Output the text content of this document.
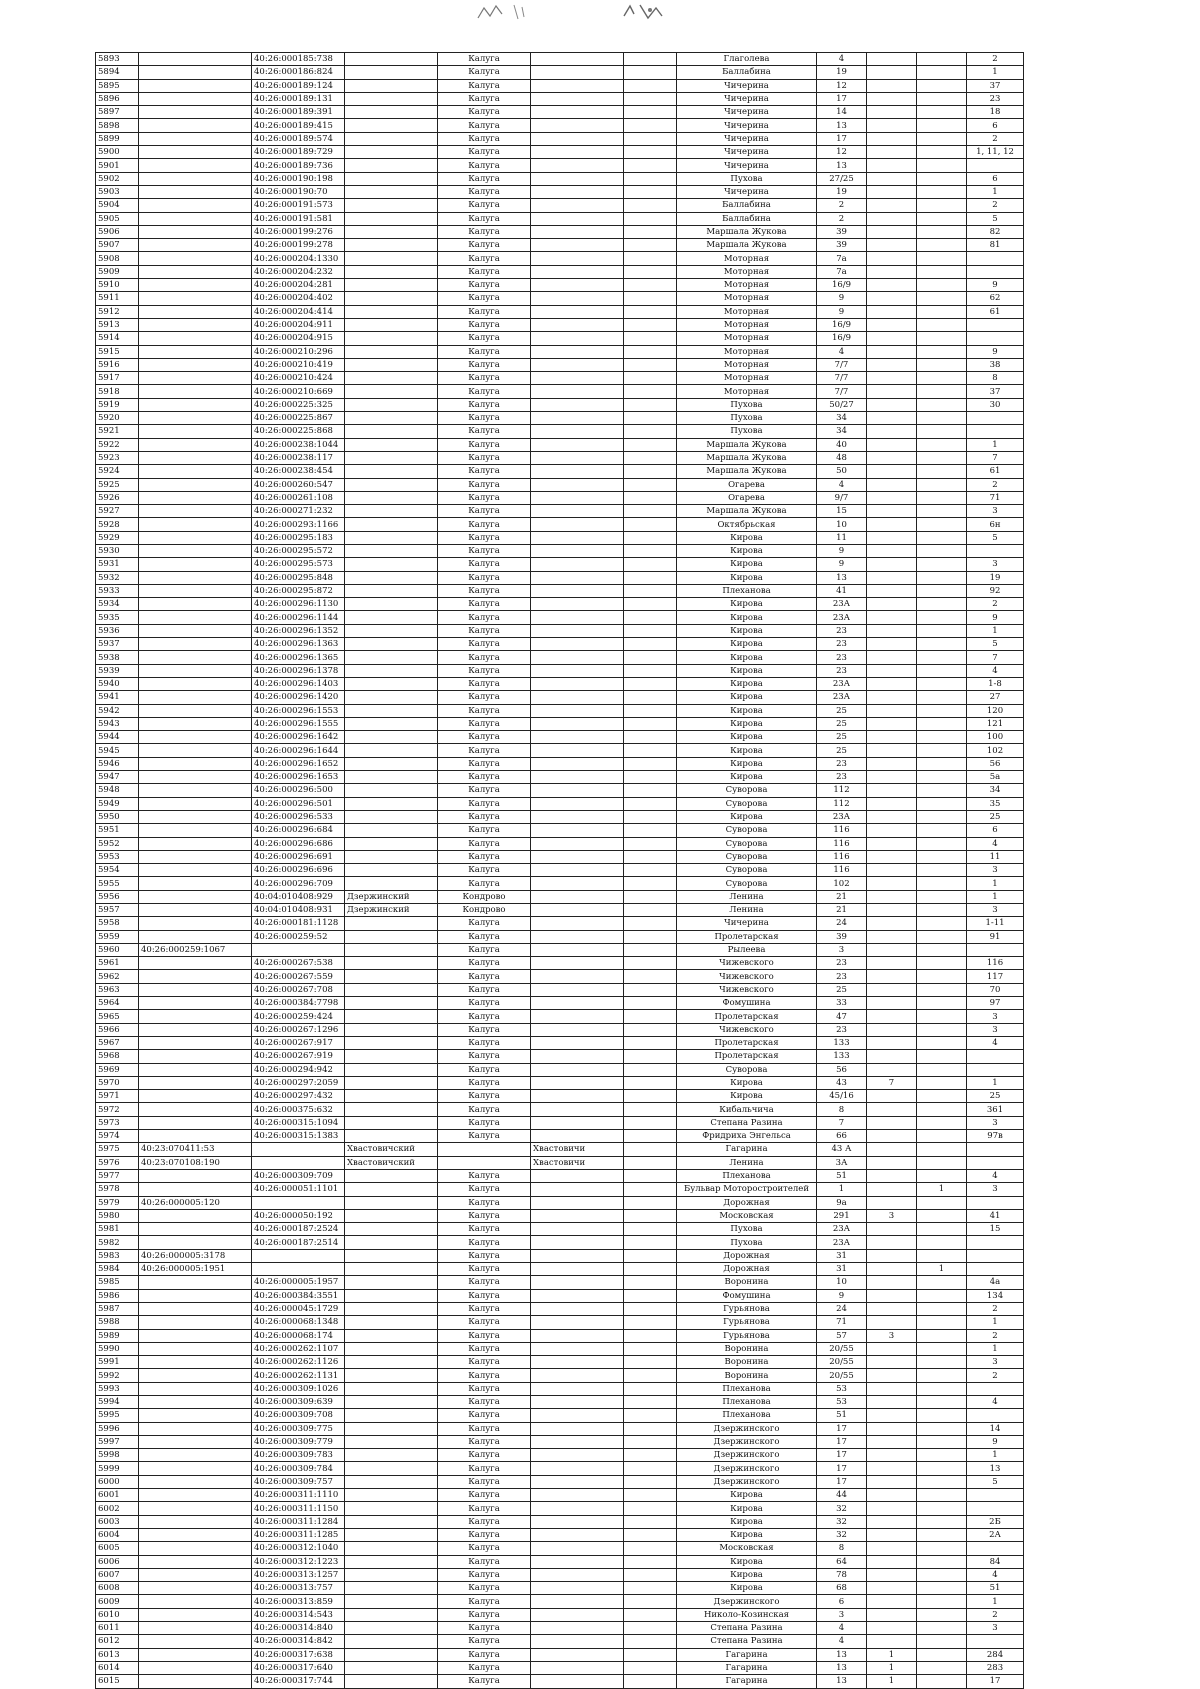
5893		40:26:000185:738		Калуга			Глаголева	4			2
5894		40:26:000186:824		Калуга			Баллабина	19			1
5895		40:26:000189:124		Калуга			Чичерина	12			37
5896		40:26:000189:131		Калуга			Чичерина	17			23
5897		40:26:000189:391		Калуга			Чичерина	14			18
5898		40:26:000189:415		Калуга			Чичерина	13			6
5899		40:26:000189:574		Калуга			Чичерина	17			2
5900		40:26:000189:729		Калуга			Чичерина	12			1, 11, 12
5901		40:26:000189:736		Калуга			Чичерина	13			
5902		40:26:000190:198		Калуга			Пухова	27/25			6
5903		40:26:000190:70		Калуга			Чичерина	19			1
5904		40:26:000191:573		Калуга			Баллабина	2			2
5905		40:26:000191:581		Калуга			Баллабина	2			5
5906		40:26:000199:276		Калуга			Маршала Жукова	39			82
5907		40:26:000199:278		Калуга			Маршала Жукова	39			81
5908		40:26:000204:1330		Калуга			Моторная	7а			
5909		40:26:000204:232		Калуга			Моторная	7а			
5910		40:26:000204:281		Калуга			Моторная	16/9			9
5911		40:26:000204:402		Калуга			Моторная	9			62
5912		40:26:000204:414		Калуга			Моторная	9			61
5913		40:26:000204:911		Калуга			Моторная	16/9			
5914		40:26:000204:915		Калуга			Моторная	16/9			
5915		40:26:000210:296		Калуга			Моторная	4			9
5916		40:26:000210:419		Калуга			Моторная	7/7			38
5917		40:26:000210:424		Калуга			Моторная	7/7			8
5918		40:26:000210:669		Калуга			Моторная	7/7			37
5919		40:26:000225:325		Калуга			Пухова	50/27			30
5920		40:26:000225:867		Калуга			Пухова	34			
5921		40:26:000225:868		Калуга			Пухова	34			
5922		40:26:000238:1044		Калуга			Маршала Жукова	40			1
5923		40:26:000238:117		Калуга			Маршала Жукова	48			7
5924		40:26:000238:454		Калуга			Маршала Жукова	50			61
5925		40:26:000260:547		Калуга			Огарева	4			2
5926		40:26:000261:108		Калуга			Огарева	9/7			71
5927		40:26:000271:232		Калуга			Маршала Жукова	15			3
5928		40:26:000293:1166		Калуга			Октябрьская	10			6н
5929		40:26:000295:183		Калуга			Кирова	11			5
5930		40:26:000295:572		Калуга			Кирова	9			
5931		40:26:000295:573		Калуга			Кирова	9			3
5932		40:26:000295:848		Калуга			Кирова	13			19
5933		40:26:000295:872		Калуга			Плеханова	41			92
5934		40:26:000296:1130		Калуга			Кирова	23А			2
5935		40:26:000296:1144		Калуга			Кирова	23А			9
5936		40:26:000296:1352		Калуга			Кирова	23			1
5937		40:26:000296:1363		Калуга			Кирова	23			5
5938		40:26:000296:1365		Калуга			Кирова	23			7
5939		40:26:000296:1378		Калуга			Кирова	23			4
5940		40:26:000296:1403		Калуга			Кирова	23А			1-8
5941		40:26:000296:1420		Калуга			Кирова	23А			27
5942		40:26:000296:1553		Калуга			Кирова	25			120
5943		40:26:000296:1555		Калуга			Кирова	25			121
5944		40:26:000296:1642		Калуга			Кирова	25			100
5945		40:26:000296:1644		Калуга			Кирова	25			102
5946		40:26:000296:1652		Калуга			Кирова	23			56
5947		40:26:000296:1653		Калуга			Кирова	23			5а
5948		40:26:000296:500		Калуга			Суворова	112			34
5949		40:26:000296:501		Калуга			Суворова	112			35
5950		40:26:000296:533		Калуга			Кирова	23А			25
5951		40:26:000296:684		Калуга			Суворова	116			6
5952		40:26:000296:686		Калуга			Суворова	116			4
5953		40:26:000296:691		Калуга			Суворова	116			11
5954		40:26:000296:696		Калуга			Суворова	116			3
5955		40:26:000296:709		Калуга			Суворова	102			1
5956		40:04:010408:929	Дзержинский	Кондрово			Ленина	21			1
5957		40:04:010408:931	Дзержинский	Кондрово			Ленина	21			3
5958		40:26:000181:1128		Калуга			Чичерина	24			1-11
5959		40:26:000259:52		Калуга			Пролетарская	39			91
5960	40:26:000259:1067			Калуга			Рылеева	3			
5961		40:26:000267:538		Калуга			Чижевского	23			116
5962		40:26:000267:559		Калуга			Чижевского	23			117
5963		40:26:000267:708		Калуга			Чижевского	25			70
5964		40:26:000384:7798		Калуга			Фомушина	33			97
5965		40:26:000259:424		Калуга			Пролетарская	47			3
5966		40:26:000267:1296		Калуга			Чижевского	23			3
5967		40:26:000267:917		Калуга			Пролетарская	133			4
5968		40:26:000267:919		Калуга			Пролетарская	133			
5969		40:26:000294:942		Калуга			Суворова	56			
5970		40:26:000297:2059		Калуга			Кирова	43	7		1
5971		40:26:000297:432		Калуга			Кирова	45/16			25
5972		40:26:000375:632		Калуга			Кибальчича	8			361
5973		40:26:000315:1094		Калуга			Степана Разина	7			3
5974		40:26:000315:1383		Калуга			Фридриха Энгельса	66			97в
5975	40:23:070411:53		Хвастовичский		Хвастовичи		Гагарина	43 А			
5976	40:23:070108:190		Хвастовичский		Хвастовичи		Ленина	3А			
5977		40:26:000309:709		Калуга			Плеханова	51			4
5978		40:26:000051:1101		Калуга			Бульвар Моторостроителей	1		1	3
5979	40:26:000005:120			Калуга			Дорожная	9а			
5980		40:26:000050:192		Калуга			Московская	291	3		41
5981		40:26:000187:2524		Калуга			Пухова	23А			15
5982		40:26:000187:2514		Калуга			Пухова	23А			
5983	40:26:000005:3178			Калуга			Дорожная	31			
5984	40:26:000005:1951			Калуга			Дорожная	31		1	
5985		40:26:000005:1957		Калуга			Воронина	10			4а
5986		40:26:000384:3551		Калуга			Фомушина	9			134
5987		40:26:000045:1729		Калуга			Гурьянова	24			2
5988		40:26:000068:1348		Калуга			Гурьянова	71			1
5989		40:26:000068:174		Калуга			Гурьянова	57	3		2
5990		40:26:000262:1107		Калуга			Воронина	20/55			1
5991		40:26:000262:1126		Калуга			Воронина	20/55			3
5992		40:26:000262:1131		Калуга			Воронина	20/55			2
5993		40:26:000309:1026		Калуга			Плеханова	53			
5994		40:26:000309:639		Калуга			Плеханова	53			4
5995		40:26:000309:708		Калуга			Плеханова	51			
5996		40:26:000309:775		Калуга			Дзержинского	17			14
5997		40:26:000309:779		Калуга			Дзержинского	17			9
5998		40:26:000309:783		Калуга			Дзержинского	17			1
5999		40:26:000309:784		Калуга			Дзержинского	17			13
6000		40:26:000309:757		Калуга			Дзержинского	17			5
6001		40:26:000311:1110		Калуга			Кирова	44			
6002		40:26:000311:1150		Калуга			Кирова	32			
6003		40:26:000311:1284		Калуга			Кирова	32			2Б
6004		40:26:000311:1285		Калуга			Кирова	32			2А
6005		40:26:000312:1040		Калуга			Московская	8			
6006		40:26:000312:1223		Калуга			Кирова	64			84
6007		40:26:000313:1257		Калуга			Кирова	78			4
6008		40:26:000313:757		Калуга			Кирова	68			51
6009		40:26:000313:859		Калуга			Дзержинского	6			1
6010		40:26:000314:543		Калуга			Николо-Козинская	3			2
6011		40:26:000314:840		Калуга			Степана Разина	4			3
6012		40:26:000314:842		Калуга			Степана Разина	4			
6013		40:26:000317:638		Калуга			Гагарина	13	1		284
6014		40:26:000317:640		Калуга			Гагарина	13	1		283
6015		40:26:000317:744		Калуга			Гагарина	13	1		17
